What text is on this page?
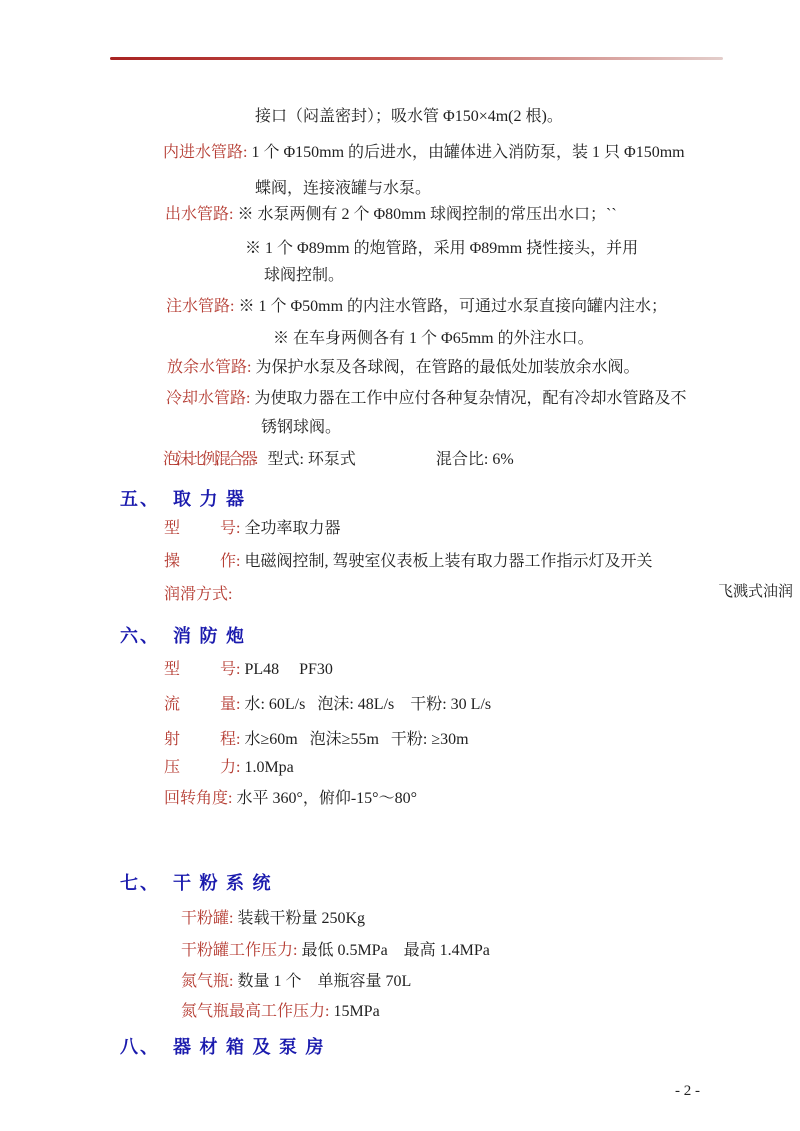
接口（闷盖密封）；吸水管 Φ150×4m(2 根)。
内进水管路: 1 个 Φ150mm 的后进水，由罐体进入消防泵，装 1 只 Φ150mm
蝶阀，连接液罐与水泵。
出水管路: ※ 水泵两侧有 2 个 Φ80mm 球阀控制的常压出水口；``
※ 1 个 Φ89mm 的炮管路，采用 Φ89mm 挠性接头，并用
球阀控制。
注水管路: ※ 1 个 Φ50mm 的内注水管路，可通过水泵直接向罐内注水；
※ 在车身两侧各有 1 个 Φ65mm 的外注水口。
放余水管路: 为保护水泵及各球阀，在管路的最低处加装放余水阀。
冷却水管路: 为使取力器在工作中应付各种复杂情况，配有冷却水管路及不
锈钢球阀。
泡沫比例混合器:   型式: 环泵式                    混合比: 6%
五、 取 力 器
型          号: 全功率取力器
操          作: 电磁阀控制, 驾驶室仪表板上装有取力器工作指示灯及开关
润滑方式:	飞溅式油润
六、 消 防 炮
型          号: PL48     PF30
流          量: 水: 60L/s   泡沫: 48L/s    干粉: 30 L/s
射          程: 水≥60m   泡沫≥55m   干粉: ≥30m
压          力: 1.0Mpa
回转角度: 水平 360°，俯仰-15°～80°
七、 干 粉 系 统
干粉罐: 装载干粉量 250Kg
干粉罐工作压力: 最低 0.5MPa    最高 1.4MPa
氮气瓶: 数量 1 个    单瓶容量 70L
氮气瓶最高工作压力: 15MPa
八、 器 材 箱 及 泵 房
- 2 -
